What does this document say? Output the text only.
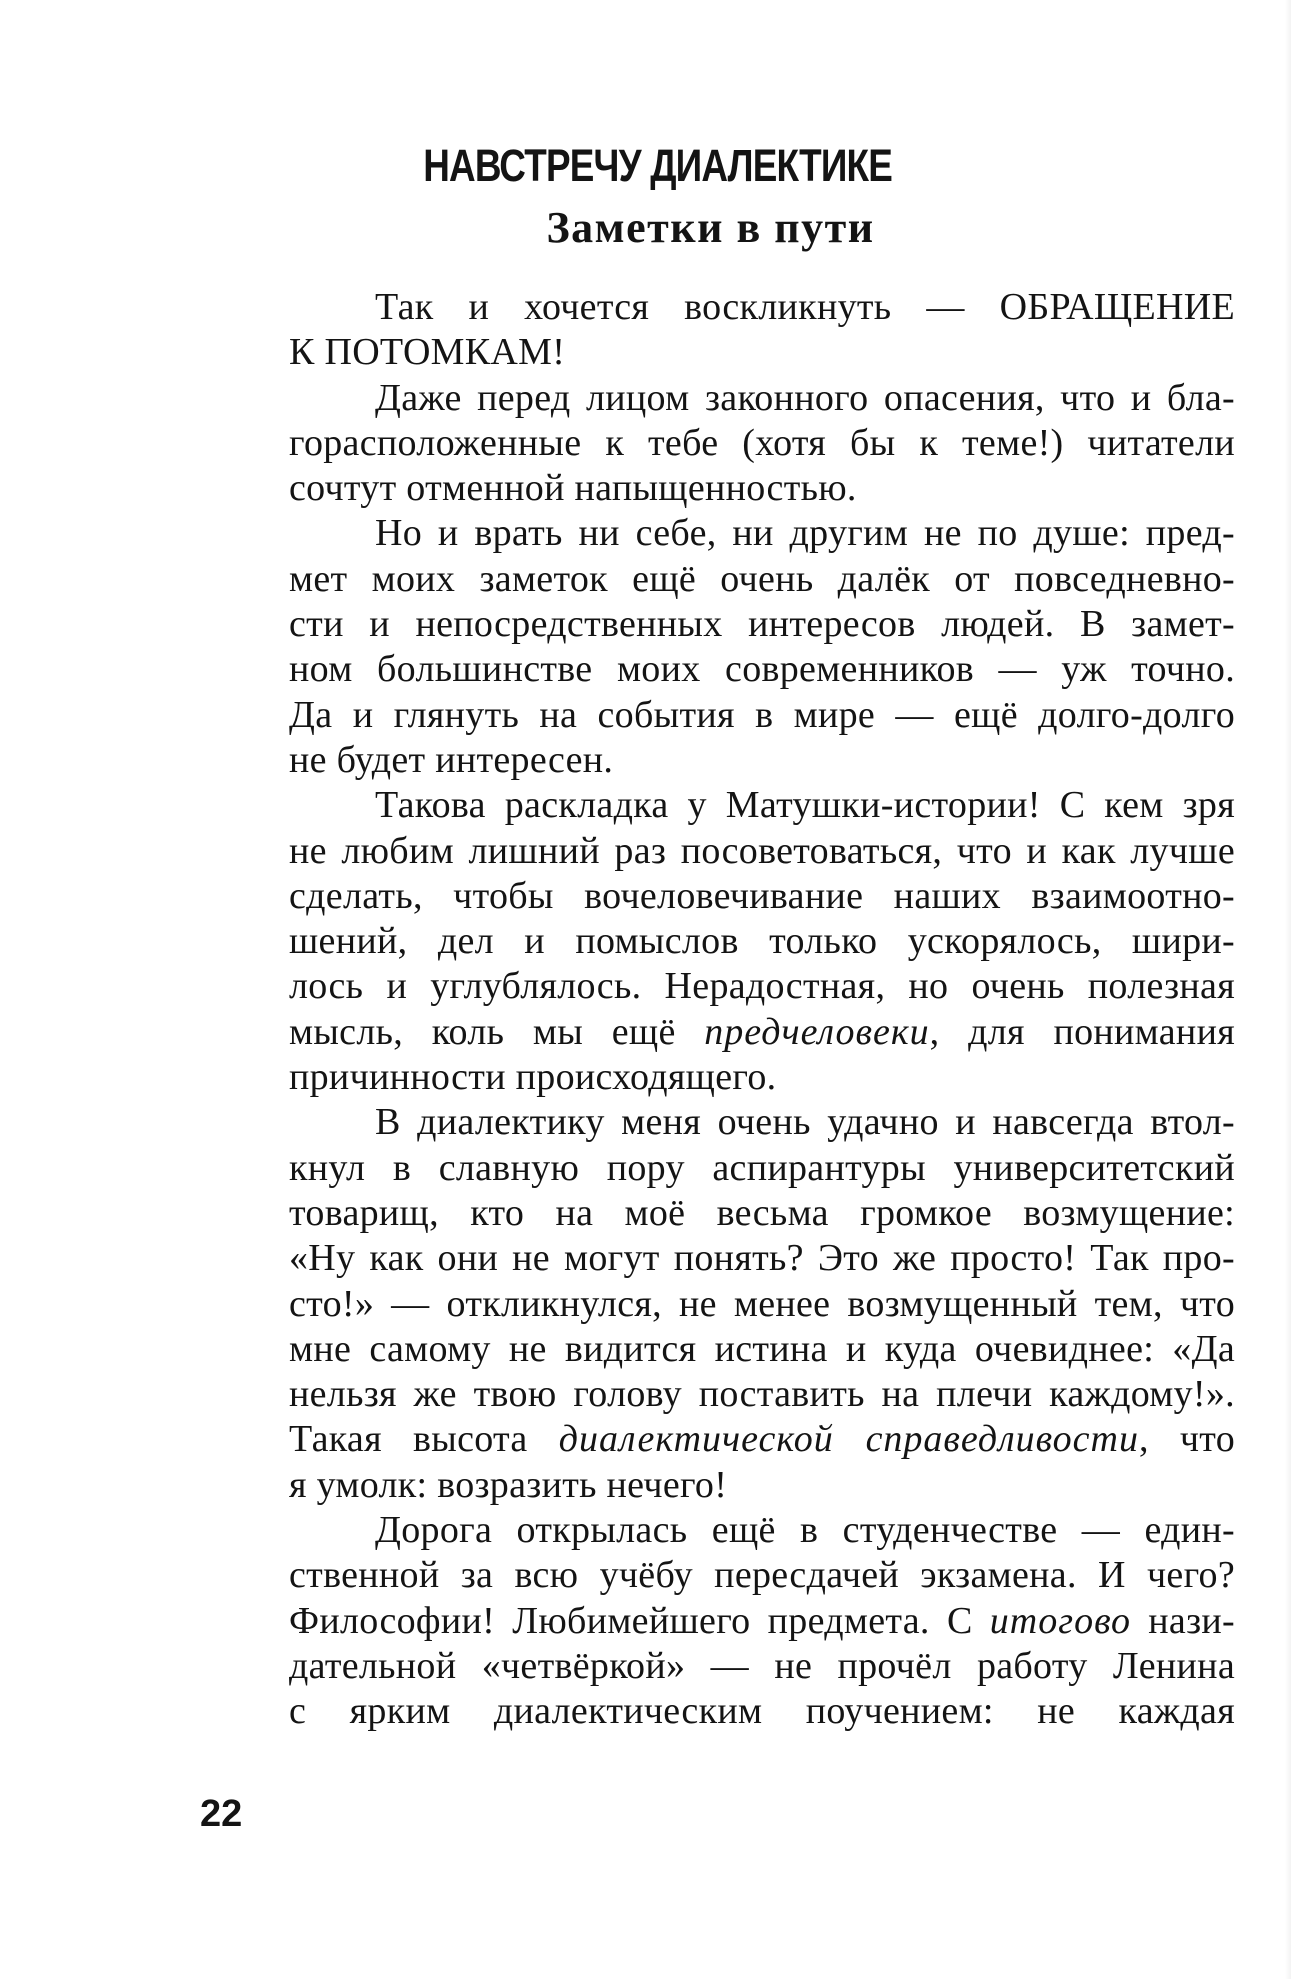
НАВСТРЕЧУ ДИАЛЕКТИКЕ
Заметки в пути
Так и хочется воскликнуть — ОБРАЩЕНИЕ
К ПОТОМКАМ!
Даже перед лицом законного опасения, что и бла-
горасположенные к тебе (хотя бы к теме!) читатели
сочтут отменной напыщенностью.
Но и врать ни себе, ни другим не по душе: пред-
мет моих заметок ещё очень далёк от повседневно-
сти и непосредственных интересов людей. В замет-
ном большинстве моих современников — уж точно.
Да и глянуть на события в мире — ещё долго-долго
не будет интересен.
Такова раскладка у Матушки-истории! С кем зря
не любим лишний раз посоветоваться, что и как лучше
сделать, чтобы вочеловечивание наших взаимоотно-
шений, дел и помыслов только ускорялось, шири-
лось и углублялось. Нерадостная, но очень полезная
мысль, коль мы ещё предчеловеки, для понимания
причинности происходящего.
В диалектику меня очень удачно и навсегда втол-
кнул в славную пору аспирантуры университетский
товарищ, кто на моё весьма громкое возмущение:
«Ну как они не могут понять? Это же просто! Так про-
сто!» — откликнулся, не менее возмущенный тем, что
мне самому не видится истина и куда очевиднее: «Да
нельзя же твою голову поставить на плечи каждому!».
Такая высота диалектической справедливости, что
я умолк: возразить нечего!
Дорога открылась ещё в студенчестве — един-
ственной за всю учёбу пересдачей экзамена. И чего?
Философии! Любимейшего предмета. С итогово нази-
дательной «четвёркой» — не прочёл работу Ленина
с ярким диалектическим поучением: не каждая
22
